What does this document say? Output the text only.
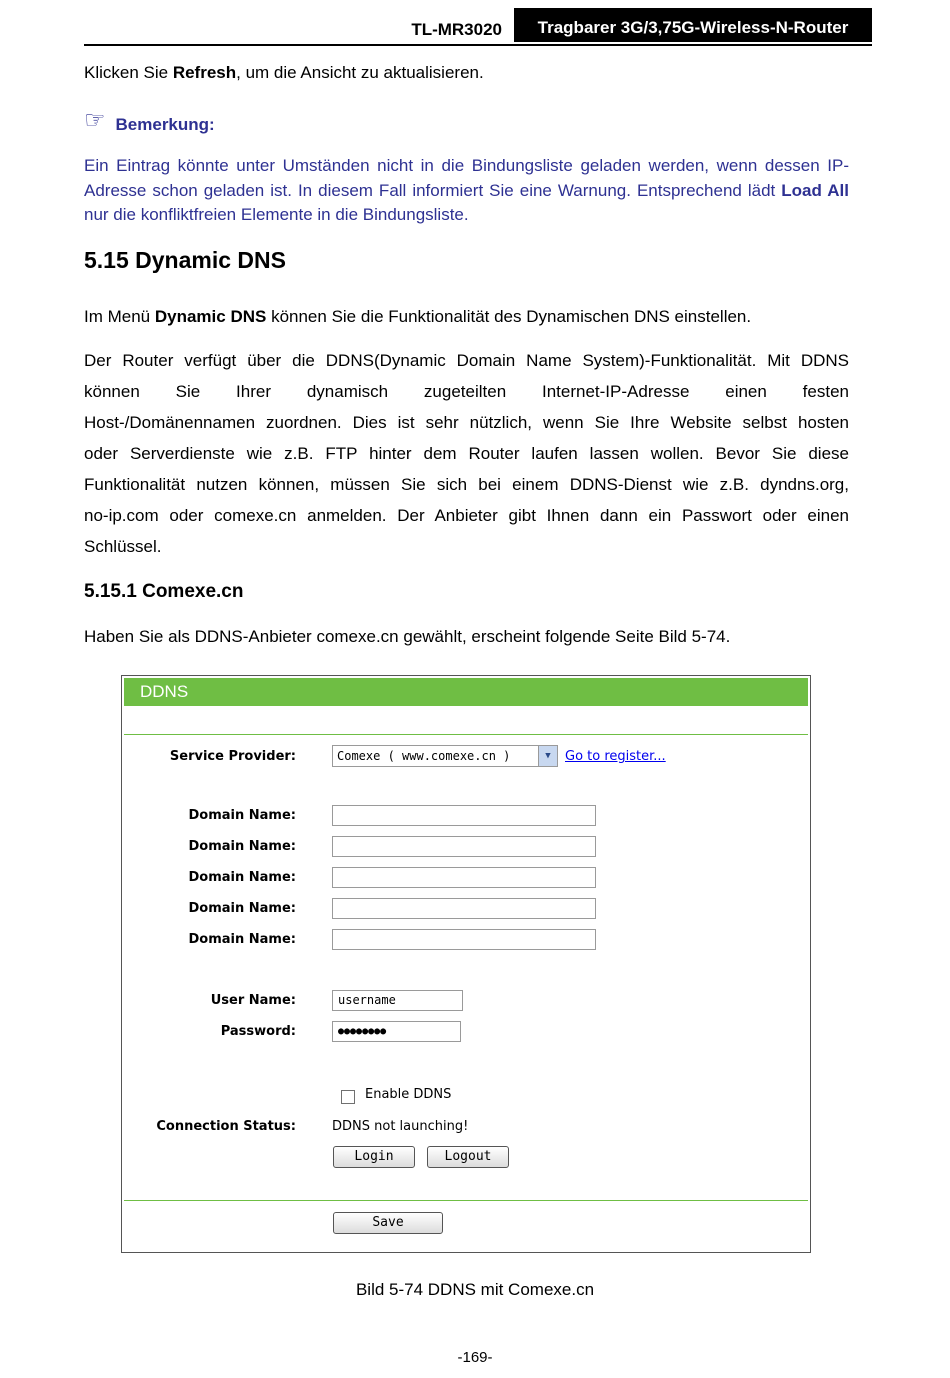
TL-MR3020	Tragbarer 3G/3,75G-Wireless-N-Router
Klicken Sie Refresh, um die Ansicht zu aktualisieren.
☞ Bemerkung:
Ein Eintrag könnte unter Umständen nicht in die Bindungsliste geladen werden, wenn dessen IP-Adresse schon geladen ist. In diesem Fall informiert Sie eine Warnung. Entsprechend lädt Load All nur die konfliktfreien Elemente in die Bindungsliste.
5.15 Dynamic DNS
Im Menü Dynamic DNS können Sie die Funktionalität des Dynamischen DNS einstellen.
Der Router verfügt über die DDNS(Dynamic Domain Name System)-Funktionalität. Mit DDNS
können Sie Ihrer dynamisch zugeteilten Internet-IP-Adresse einen festen
Host-/Domänennamen zuordnen. Dies ist sehr nützlich, wenn Sie Ihre Website selbst hosten
oder Serverdienste wie z.B. FTP hinter dem Router laufen lassen wollen. Bevor Sie diese
Funktionalität nutzen können, müssen Sie sich bei einem DDNS-Dienst wie z.B. dyndns.org,
no-ip.com oder comexe.cn anmelden. Der Anbieter gibt Ihnen dann ein Passwort oder einen
Schlüssel.
5.15.1 Comexe.cn
Haben Sie als DDNS-Anbieter comexe.cn gewählt, erscheint folgende Seite Bild 5-74.
DDNS
Service Provider:	Comexe ( www.comexe.cn )	▼	Go to register...
Domain Name:
Domain Name:
Domain Name:
Domain Name:
Domain Name:
User Name:	username
Password:	●●●●●●●●
Enable DDNS
Connection Status:	DDNS not launching!
Login	Logout
Save
Bild 5-74 DDNS mit Comexe.cn
-169-
